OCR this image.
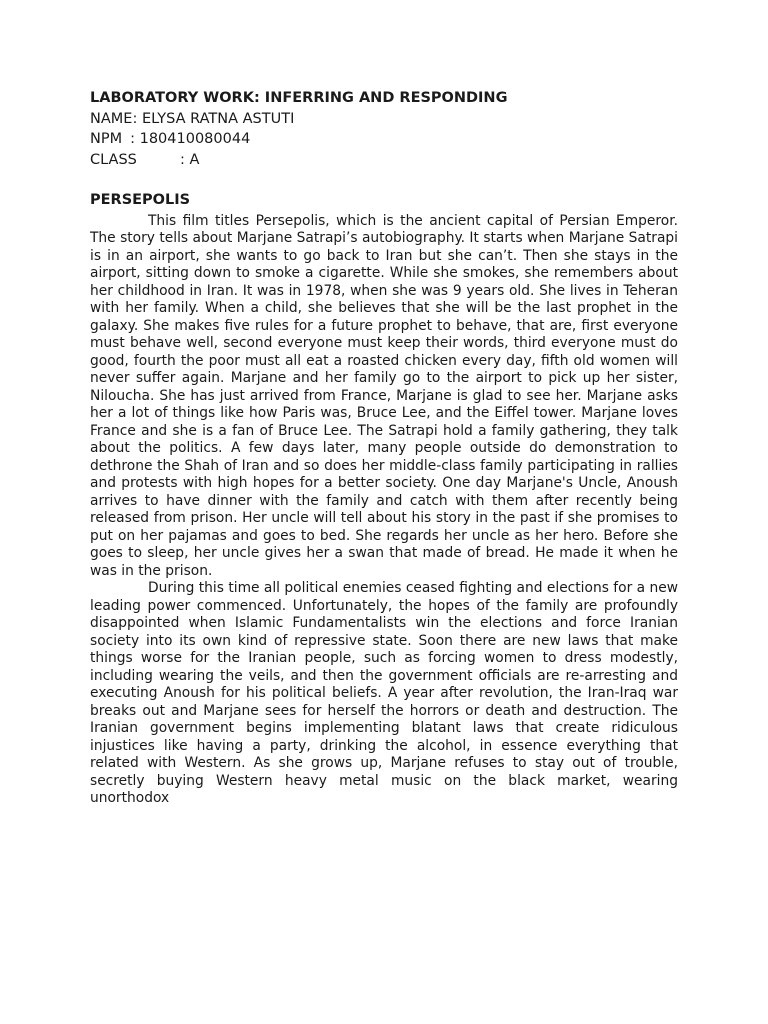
LABORATORY WORK: INFERRING AND RESPONDING
NAME: ELYSA RATNA ASTUTI
NPM : 180410080044
CLASS	: A
PERSEPOLIS

This film titles Persepolis, which is the ancient capital of Persian Emperor. The story tells about Marjane Satrapi’s autobiography. It starts when Marjane Satrapi is in an airport, she wants to go back to Iran but she can’t. Then she stays in the airport, sitting down to smoke a cigarette. While she smokes, she remembers about her childhood in Iran. It was in 1978, when she was 9 years old. She lives in Teheran with her family. When a child, she believes that she will be the last prophet in the galaxy. She makes five rules for a future prophet to behave, that are, first everyone must behave well, second everyone must keep their words, third everyone must do good, fourth the poor must all eat a roasted chicken every day, fifth old women will never suffer again. Marjane and her family go to the airport to pick up her sister, Niloucha. She has just arrived from France, Marjane is glad to see her. Marjane asks her a lot of things like how Paris was, Bruce Lee, and the Eiffel tower. Marjane loves France and she is a fan of Bruce Lee. The Satrapi hold a family gathering, they talk about the politics. A few days later, many people outside do demonstration to dethrone the Shah of Iran and so does her middle-class family participating in rallies and protests with high hopes for a better society. One day Marjane's Uncle, Anoush arrives to have dinner with the family and catch with them after recently being released from prison. Her uncle will tell about his story in the past if she promises to put on her pajamas and goes to bed. She regards her uncle as her hero. Before she goes to sleep, her uncle gives her a swan that made of bread. He made it when he was in the prison.

During this time all political enemies ceased fighting and elections for a new leading power commenced. Unfortunately, the hopes of the family are profoundly disappointed when Islamic Fundamentalists win the elections and force Iranian society into its own kind of repressive state. Soon there are new laws that make things worse for the Iranian people, such as forcing women to dress modestly, including wearing the veils, and then the government officials are re-arresting and executing Anoush for his political beliefs. A year after revolution, the Iran-Iraq war breaks out and Marjane sees for herself the horrors or death and destruction. The Iranian government begins implementing blatant laws that create ridiculous injustices like having a party, drinking the alcohol, in essence everything that related with Western. As she grows up, Marjane refuses to stay out of trouble, secretly buying Western heavy metal music on the black market, wearing unorthodox
